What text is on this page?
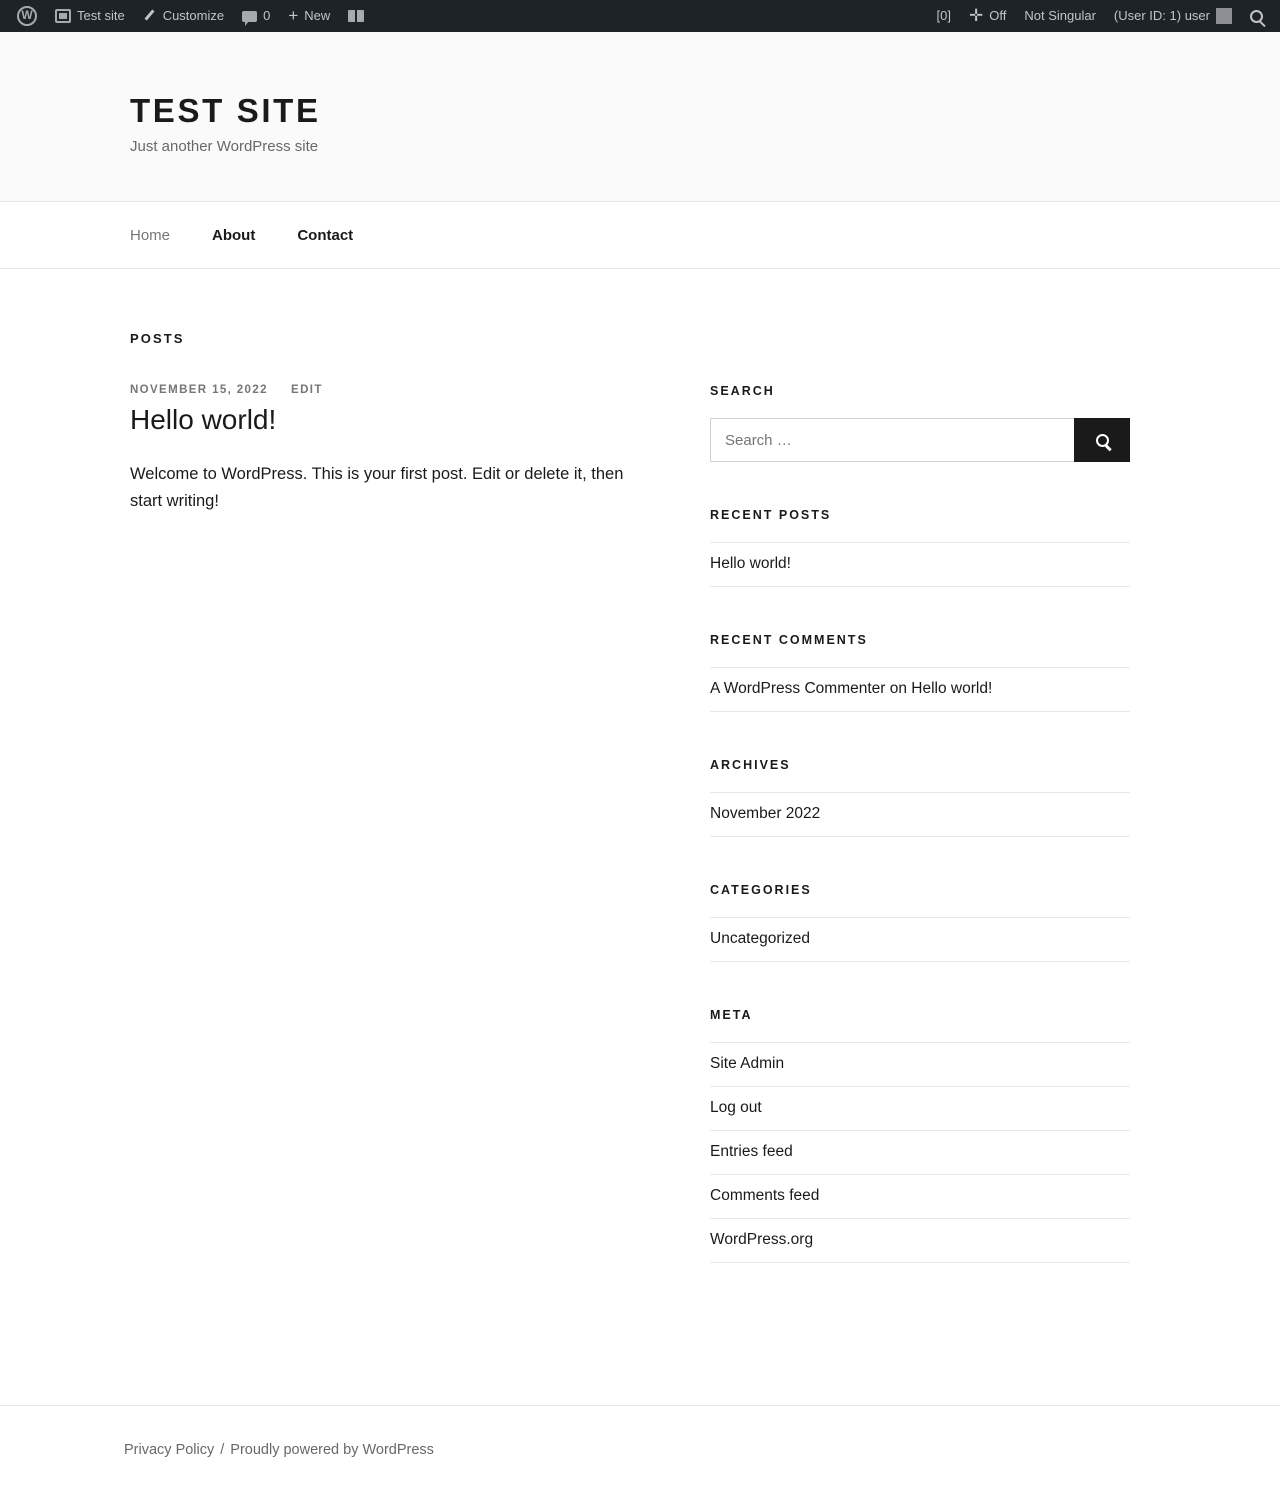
W
Test site	Customize	0 + New	[0] ✛ Off Not Singular (User ID: 1) user
TEST SITE

Just another WordPress site

Home	About	Contact
POSTS
NOVEMBER 15, 2022 EDIT
Hello world!
Welcome to WordPress. This is your first post. Edit or delete it, then start writing!
SEARCH
Search …
RECENT POSTS
Hello world!
RECENT COMMENTS
A WordPress Commenter on Hello world!
ARCHIVES
November 2022
CATEGORIES
Uncategorized
META
Site Admin
Log out
Entries feed
Comments feed
WordPress.org
Privacy Policy / Proudly powered by WordPress
